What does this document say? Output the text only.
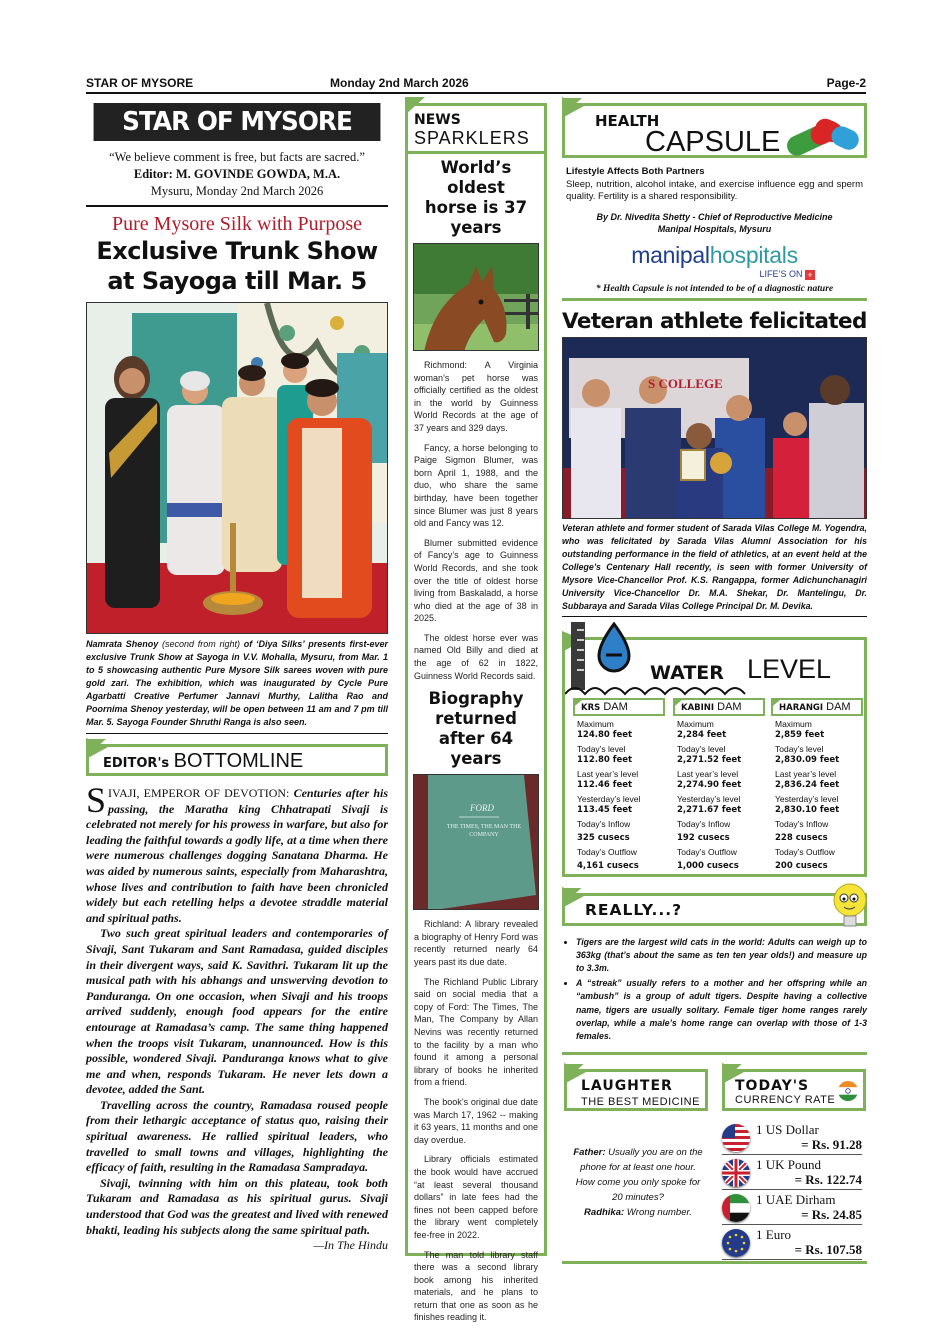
STAR OF MYSORE	Monday 2nd March 2026	Page-2
STAR OF MYSORE
“We believe comment is free, but facts are sacred.”
Editor: M. GOVINDE GOWDA, M.A.
Mysuru, Monday 2nd March 2026
Pure Mysore Silk with Purpose
Exclusive Trunk Show
at Sayoga till Mar. 5
Namrata Shenoy (second from right) of ‘Diya Silks’ presents first-ever exclusive Trunk Show at Sayoga in V.V. Mohalla, Mysuru, from Mar. 1 to 5 showcasing authentic Pure Mysore Silk sarees woven with pure gold zari. The exhibition, which was inaugurated by Cycle Pure Agarbatti Creative Perfumer Jannavi Murthy, Lalitha Rao and Poornima Shenoy yesterday, will be open between 11 am and 7 pm till Mar. 5. Sayoga Founder Shruthi Ranga is also seen.
EDITOR's BOTTOMLINE

SIVAJI, EMPEROR OF DEVOTION: Centuries after his passing, the Maratha king Chhatrapati Sivaji is celebrated not merely for his prowess in warfare, but also for leading the faithful towards a godly life, at a time when there were numerous challenges dogging Sanatana Dharma. He was aided by numerous saints, especially from Maharashtra, whose lives and contribution to faith have been chronicled widely but each retelling helps a devotee straddle material and spiritual paths.

Two such great spiritual leaders and contemporaries of Sivaji, Sant Tukaram and Sant Ramadasa, guided disciples in their divergent ways, said K. Savithri. Tukaram lit up the musical path with his abhangs and unswerving devotion to Panduranga. On one occasion, when Sivaji and his troops arrived suddenly, enough food appears for the entire entourage at Ramadasa’s camp. The same thing happened when the troops visit Tukaram, unannounced. How is this possible, wondered Sivaji. Panduranga knows what to give me and when, responds Tukaram. He never lets down a devotee, added the Sant.

Travelling across the country, Ramadasa roused people from their lethargic acceptance of status quo, raising their spiritual awareness. He rallied spiritual leaders, who travelled to small towns and villages, highlighting the efficacy of faith, resulting in the Ramadasa Sampradaya.

Sivaji, twinning with him on this plateau, took both Tukaram and Ramadasa as his spiritual gurus. Sivaji understood that God was the greatest and lived with renewed bhakti, leading his subjects along the same spiritual path.

—In The Hindu
NEWS
SPARKLERS
World’s oldest horse is 37 years

Richmond: A Virginia woman’s pet horse was officially certified as the oldest in the world by Guinness World Records at the age of 37 years and 329 days.

Fancy, a horse belonging to Paige Sigmon Blumer, was born April 1, 1988, and the duo, who share the same birthday, have been together since Blumer was just 8 years old and Fancy was 12.

Blumer submitted evidence of Fancy’s age to Guinness World Records, and she took over the title of oldest horse living from Baskaladd, a horse who died at the age of 38 in 2025.

The oldest horse ever was named Old Billy and died at the age of 62 in 1822, Guinness World Records said.

Biography returned after 64 years
FORD
THE TIMES, THE MAN THE COMPANY

Richland: A library revealed a biography of Henry Ford was recently returned nearly 64 years past its due date.

The Richland Public Library said on social media that a copy of Ford: The Times, The Man, The Company by Allan Nevins was recently returned to the facility by a man who found it among a personal library of books he inherited from a friend.

The book’s original due date was March 17, 1962 -- making it 63 years, 11 months and one day overdue.

Library officials estimated the book would have accrued “at least several thousand dollars” in late fees had the fines not been capped before the library went completely fee-free in 2022.

The man told library staff there was a second library book among his inherited materials, and he plans to return that one as soon as he finishes reading it.

HEALTH
CAPSULE
Lifestyle Affects Both Partners
Sleep, nutrition, alcohol intake, and exercise influence egg and sperm quality. Fertility is a shared responsibility.
By Dr. Nivedita Shetty - Chief of Reproductive Medicine
Manipal Hospitals, Mysuru
manipalhospitals
LIFE’S ON +
* Health Capsule is not intended to be of a diagnostic nature
Veteran athlete felicitated
S COLLEGE
Veteran athlete and former student of Sarada Vilas College M. Yogendra, who was felicitated by Sarada Vilas Alumni Association for his outstanding performance in the field of athletics, at an event held at the College’s Centenary Hall recently, is seen with former University of Mysore Vice-Chancellor Prof. K.S. Rangappa, former Adichunchanagiri University Vice-Chancellor Dr. M.A. Shekar, Dr. Mantelingu, Dr. Subbaraya and Sarada Vilas College Principal Dr. M. Devika.
WATER LEVEL
KRS DAM
Maximum
124.80 feet
Today’s level
112.80 feet
Last year’s level
112.46 feet
Yesterday’s level
113.45 feet
Today’s Inflow
325 cusecs
Today’s Outflow
4,161 cusecs
KABINI DAM
Maximum
2,284 feet
Today’s level
2,271.52 feet
Last year’s level
2,274.90 feet
Yesterday’s level
2,271.67 feet
Today’s Inflow
192 cusecs
Today’s Outflow
1,000 cusecs
HARANGI DAM
Maximum
2,859 feet
Today’s level
2,830.09 feet
Last year’s level
2,836.24 feet
Yesterday’s level
2,830.10 feet
Today’s Inflow
228 cusecs
Today’s Outflow
200 cusecs
REALLY...?
• Tigers are the largest wild cats in the world: Adults can weigh up to 363kg (that’s about the same as ten ten year olds!) and measure up to 3.3m.
• A “streak” usually refers to a mother and her offspring while an “ambush” is a group of adult tigers. Despite having a collective name, tigers are usually solitary. Female tiger home ranges rarely overlap, while a male’s home range can overlap with those of 1-3 females.
LAUGHTER
THE BEST MEDICINE
Father: Usually you are on the phone for at least one hour. How come you only spoke for 20 minutes?
Radhika: Wrong number.
TODAY'S
CURRENCY RATE
1 US Dollar
= Rs. 91.28
1 UK Pound
= Rs. 122.74
1 UAE Dirham
= Rs. 24.85
1 Euro
= Rs. 107.58
